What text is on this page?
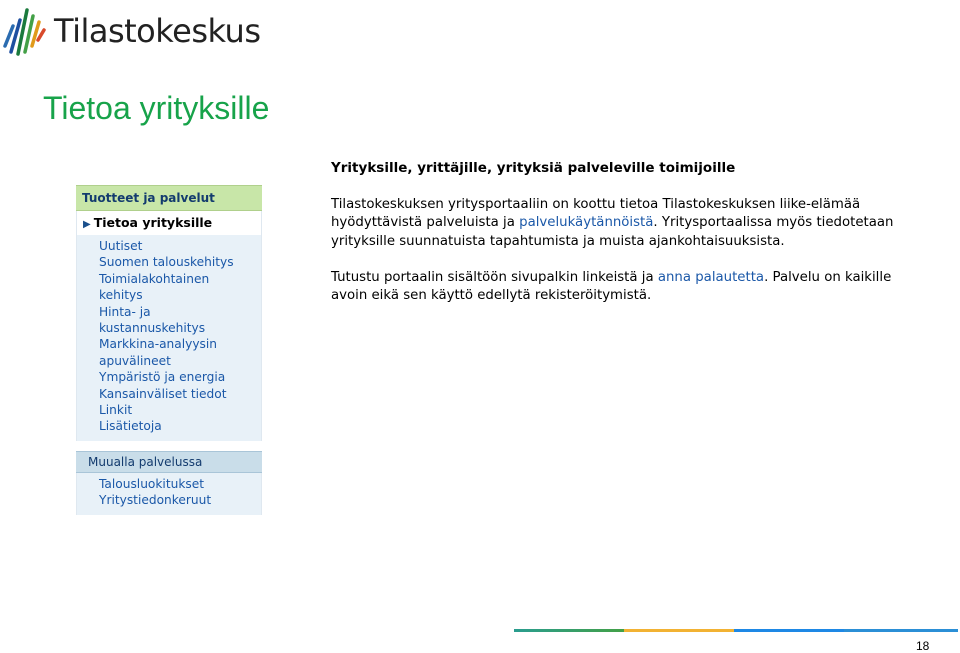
Tilastokeskus
Tietoa yrityksille
Tuotteet ja palvelut
▶ Tietoa yrityksille
Uutiset
Suomen talouskehitys
Toimialakohtainen
kehitys
Hinta- ja
kustannuskehitys
Markkina-analyysin
apuvälineet
Ympäristö ja energia
Kansainväliset tiedot
Linkit
Lisätietoja
Muualla palvelussa
Talousluokitukset
Yritystiedonkeruut
Yrityksille, yrittäjille, yrityksiä palveleville toimijoille

Tilastokeskuksen yritysportaaliin on koottu tietoa Tilastokeskuksen liike-elämää hyödyttävistä palveluista ja palvelukäytännöistä. Yritysportaalissa myös tiedotetaan yrityksille suunnatuista tapahtumista ja muista ajankohtaisuuksista.

Tutustu portaalin sisältöön sivupalkin linkeistä ja anna palautetta. Palvelu on kaikille avoin eikä sen käyttö edellytä rekisteröitymistä.

18
